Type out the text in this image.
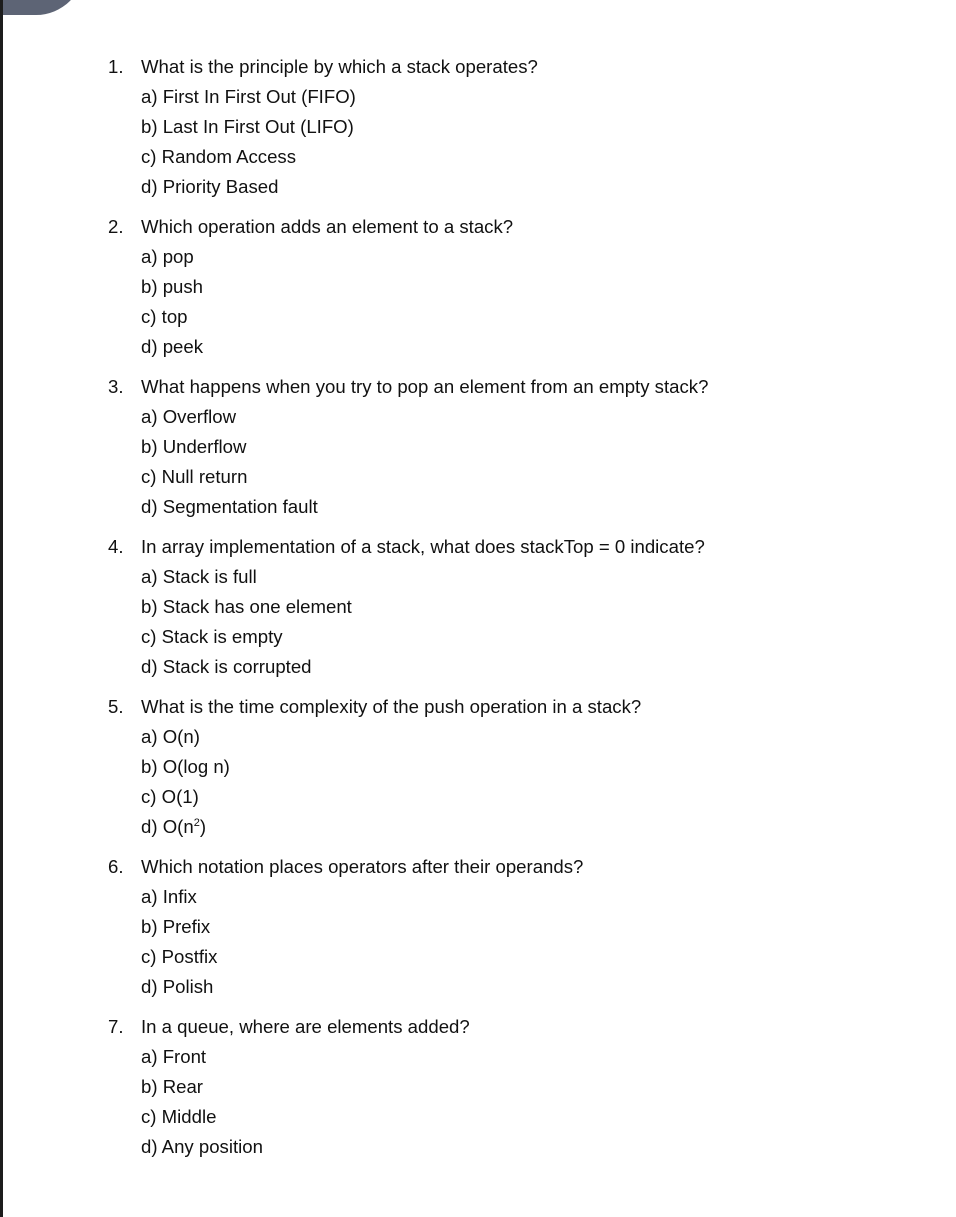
1. What is the principle by which a stack operates?
a) First In First Out (FIFO)
b) Last In First Out (LIFO)
c) Random Access
d) Priority Based
2. Which operation adds an element to a stack?
a) pop
b) push
c) top
d) peek
3. What happens when you try to pop an element from an empty stack?
a) Overflow
b) Underflow
c) Null return
d) Segmentation fault
4. In array implementation of a stack, what does stackTop = 0 indicate?
a) Stack is full
b) Stack has one element
c) Stack is empty
d) Stack is corrupted
5. What is the time complexity of the push operation in a stack?
a) O(n)
b) O(log n)
c) O(1)
d) $O(n^2)$
6. Which notation places operators after their operands?
a) Infix
b) Prefix
c) Postfix
d) Polish
7. In a queue, where are elements added?
a) Front
b) Rear
c) Middle
d) Any position
